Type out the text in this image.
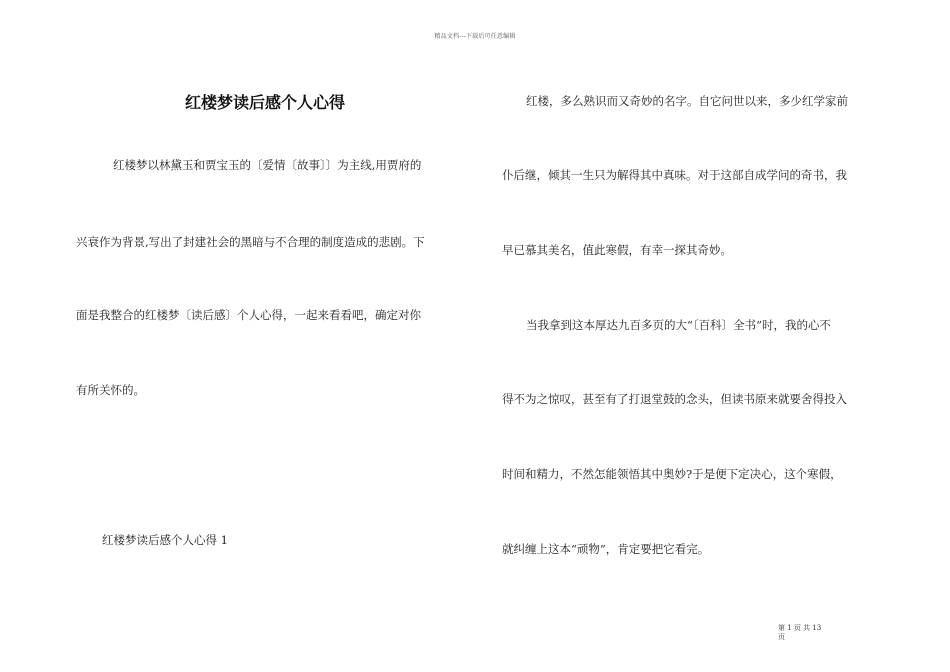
精品文档---下载后可任意编辑
红楼梦读后感个人心得
红楼梦以林黛玉和贾宝玉的〔爱情〔故事〕〕为主线,用贾府的
兴衰作为背景,写出了封建社会的黑暗与不合理的制度造成的悲剧。下
面是我整合的红楼梦〔读后感〕个人心得，一起来看看吧，确定对你
有所关怀的。
红楼梦读后感个人心得 1
红楼，多么熟识而又奇妙的名字。自它问世以来，多少红学家前
仆后继，倾其一生只为解得其中真味。对于这部自成学问的奇书，我
早已慕其美名，值此寒假，有幸一探其奇妙。
当我拿到这本厚达九百多页的大“〔百科〕全书”时，我的心不
得不为之惊叹，甚至有了打退堂鼓的念头，但读书原来就要舍得投入
时间和精力，不然怎能领悟其中奥妙?于是便下定决心，这个寒假，
就纠缠上这本“顽物”，肯定要把它看完。
第 1 页 共 13
页
